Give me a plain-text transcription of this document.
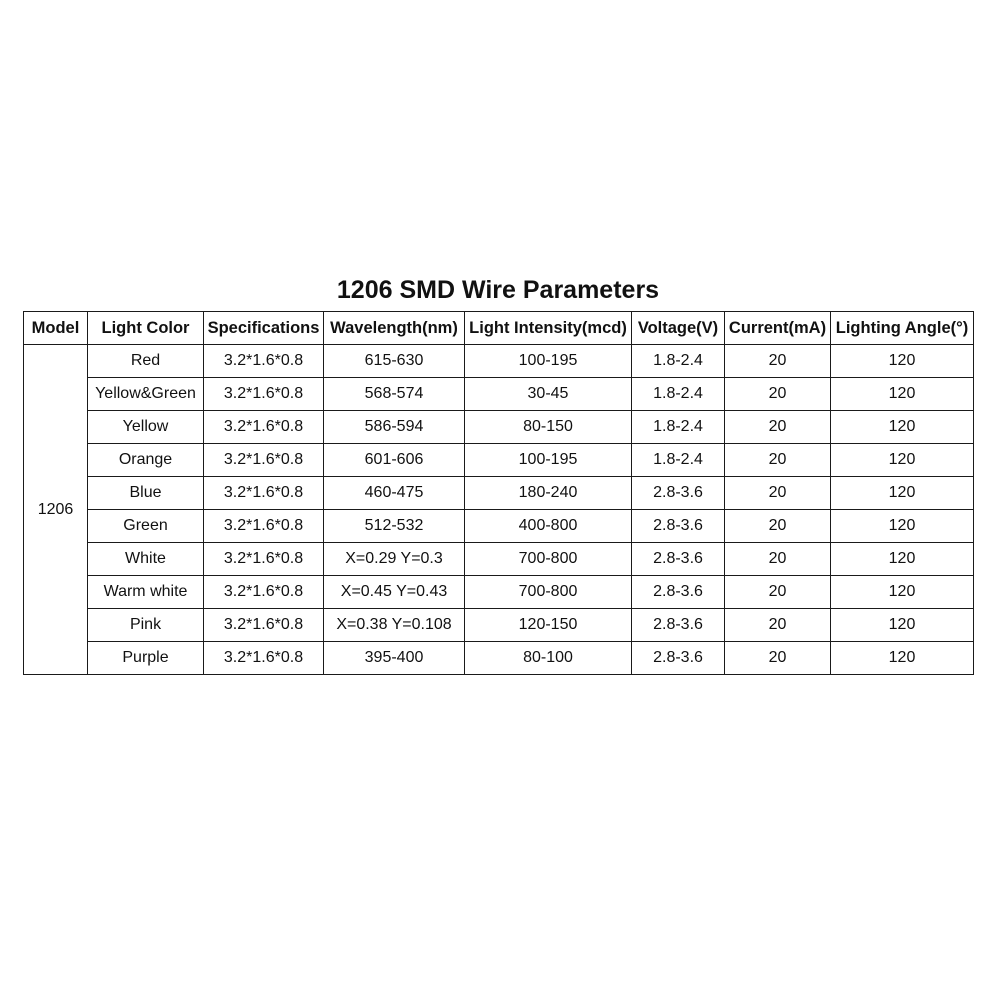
1206 SMD Wire Parameters
Model	Light Color	Specifications	Wavelength(nm)	Light Intensity(mcd)	Voltage(V)	Current(mA)	Lighting Angle(°)
1206	Red	3.2*1.6*0.8	615-630	100-195	1.8-2.4	20	120
	Yellow&Green	3.2*1.6*0.8	568-574	30-45	1.8-2.4	20	120
	Yellow	3.2*1.6*0.8	586-594	80-150	1.8-2.4	20	120
	Orange	3.2*1.6*0.8	601-606	100-195	1.8-2.4	20	120
	Blue	3.2*1.6*0.8	460-475	180-240	2.8-3.6	20	120
	Green	3.2*1.6*0.8	512-532	400-800	2.8-3.6	20	120
	White	3.2*1.6*0.8	X=0.29 Y=0.3	700-800	2.8-3.6	20	120
	Warm white	3.2*1.6*0.8	X=0.45 Y=0.43	700-800	2.8-3.6	20	120
	Pink	3.2*1.6*0.8	X=0.38 Y=0.108	120-150	2.8-3.6	20	120
	Purple	3.2*1.6*0.8	395-400	80-100	2.8-3.6	20	120
